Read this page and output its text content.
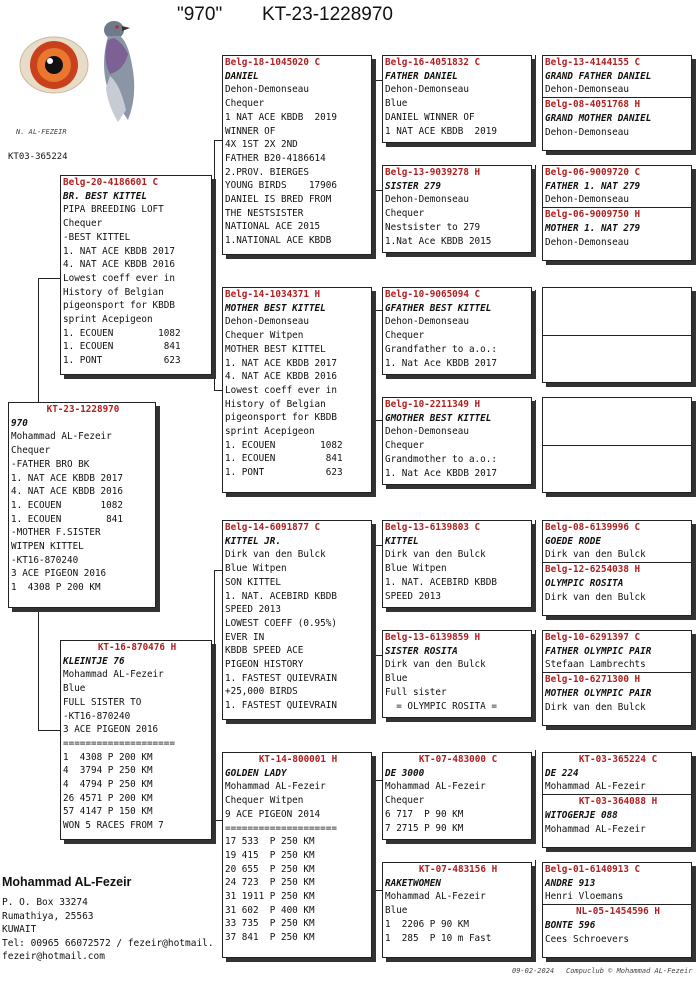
"970" KT-23-1228970
N. AL-FEZEIR
KT03-365224
KT-23-1228970
970
Mohammad AL-Fezeir
Chequer
-FATHER BRO BK
1. NAT ACE KBDB 2017
4. NAT ACE KBDB 2016
1. ECOUEN       1082
1. ECOUEN        841
-MOTHER F.SISTER
WITPEN KITTEL
-KT16-870240
3 ACE PIGEON 2016
1  4308 P 200 KM
Belg-20-4186601 C
BR. BEST KITTEL
PIPA BREEDING LOFT
Chequer
-BEST KITTEL
1. NAT ACE KBDB 2017
4. NAT ACE KBDB 2016
Lowest coeff ever in
History of Belgian
pigeonsport for KBDB
sprint Acepigeon
1. ECOUEN        1082
1. ECOUEN         841
1. PONT           623
KT-16-870476 H
KLEINTJE 76
Mohammad AL-Fezeir
Blue
FULL SISTER TO
-KT16-870240
3 ACE PIGEON 2016
====================
1  4308 P 200 KM
4  3794 P 250 KM
4  4794 P 250 KM
26 4571 P 200 KM
57 4147 P 150 KM
WON 5 RACES FROM 7
Belg-18-1045020 C
DANIEL
Dehon-Demonseau
Chequer
1 NAT ACE KBDB  2019
WINNER OF
4X 1ST 2X 2ND
FATHER B20-4186614
2.PROV. BIERGES
YOUNG BIRDS    17906
DANIEL IS BRED FROM
THE NESTSISTER
NATIONAL ACE 2015
1.NATIONAL ACE KBDB
Belg-14-1034371 H
MOTHER BEST KITTEL
Dehon-Demonseau
Chequer Witpen
MOTHER BEST KITTEL
1. NAT ACE KBDB 2017
4. NAT ACE KBDB 2016
Lowest coeff ever in
History of Belgian
pigeonsport for KBDB
sprint Acepigeon
1. ECOUEN        1082
1. ECOUEN         841
1. PONT           623
Belg-14-6091877 C
KITTEL JR.
Dirk van den Bulck
Blue Witpen
SON KITTEL
1. NAT. ACEBIRD KBDB
SPEED 2013
LOWEST COEFF (0.95%)
EVER IN
KBDB SPEED ACE
PIGEON HISTORY
1. FASTEST QUIEVRAIN
+25,000 BIRDS
1. FASTEST QUIEVRAIN
KT-14-800001 H
GOLDEN LADY
Mohammad AL-Fezeir
Chequer Witpen
9 ACE PIGEON 2014
====================
17 533  P 250 KM
19 415  P 250 KM
20 655  P 250 KM
24 723  P 250 KM
31 1911 P 250 KM
31 602  P 400 KM
33 735  P 250 KM
37 841  P 250 KM
Belg-16-4051832 C
FATHER DANIEL
Dehon-Demonseau
Blue
DANIEL WINNER OF
1 NAT ACE KBDB  2019
Belg-13-9039278 H
SISTER 279
Dehon-Demonseau
Chequer
Nestsister to 279
1.Nat Ace KBDB 2015
Belg-10-9065094 C
GFATHER BEST KITTEL
Dehon-Demonseau
Chequer
Grandfather to a.o.:
1. Nat Ace KBDB 2017
Belg-10-2211349 H
GMOTHER BEST KITTEL
Dehon-Demonseau
Chequer
Grandmother to a.o.:
1. Nat Ace KBDB 2017
Belg-13-6139803 C
KITTEL
Dirk van den Bulck
Blue Witpen
1. NAT. ACEBIRD KBDB
SPEED 2013
Belg-13-6139859 H
SISTER ROSITA
Dirk van den Bulck
Blue
Full sister
= OLYMPIC ROSITA =
KT-07-483000 C
DE 3000
Mohammad AL-Fezeir
Chequer
6 717  P 90 KM
7 2715 P 90 KM
KT-07-483156 H
RAKETWOMEN
Mohammad AL-Fezeir
Blue
1  2206 P 90 KM
1  285  P 10 m Fast
Belg-13-4144155 C
GRAND FATHER DANIEL
Dehon-Demonseau
Belg-08-4051768 H
GRAND MOTHER DANIEL
Dehon-Demonseau
Belg-06-9009720 C
FATHER 1. NAT 279
Dehon-Demonseau
Belg-06-9009750 H
MOTHER 1. NAT 279
Dehon-Demonseau
Belg-08-6139996 C
GOEDE RODE
Dirk van den Bulck
Belg-12-6254038 H
OLYMPIC ROSITA
Dirk van den Bulck
Belg-10-6291397 C
FATHER OLYMPIC PAIR
Stefaan Lambrechts
Belg-10-6271300 H
MOTHER OLYMPIC PAIR
Dirk van den Bulck
KT-03-365224 C
DE 224
Mohammad AL-Fezeir
KT-03-364088 H
WITOGERJE 088
Mohammad AL-Fezeir
Belg-01-6140913 C
ANDRE 913
Henri Vloemans
NL-05-1454596 H
BONTE 596
Cees Schroevers
Mohammad AL-Fezeir
P. O. Box 33274
Rumathiya, 25563
KUWAIT
Tel: 00965 66072572 / fezeir@hotmail.
fezeir@hotmail.com
09-02-2024 Compuclub © Mohammad AL-Fezeir
